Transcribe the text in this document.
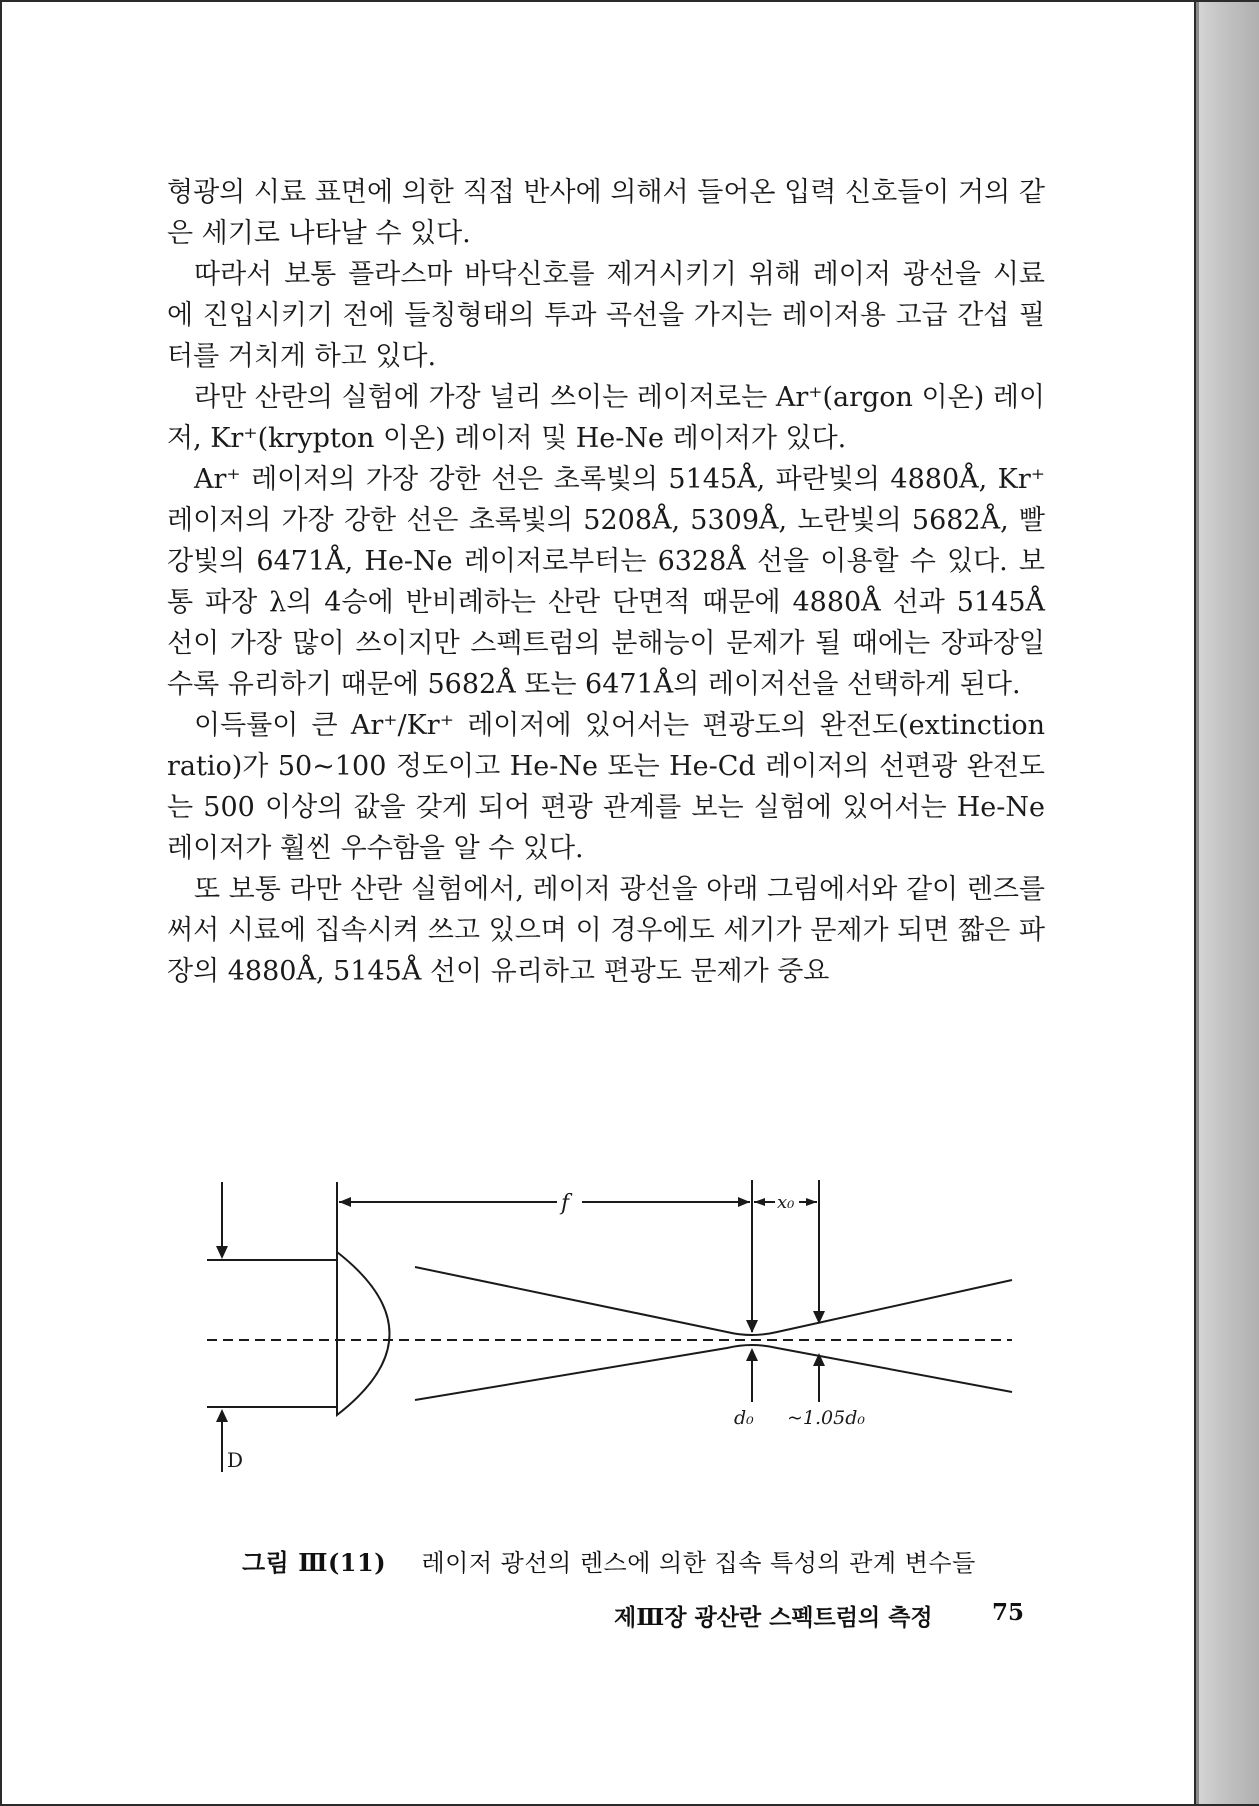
형광의 시료 표면에 의한 직접 반사에 의해서 들어온 입력 신호들이 거의 같은 세기로 나타날 수 있다.

따라서 보통 플라스마 바닥신호를 제거시키기 위해 레이저 광선을 시료에 진입시키기 전에 들칭형태의 투과 곡선을 가지는 레이저용 고급 간섭 필터를 거치게 하고 있다.

라만 산란의 실험에 가장 널리 쓰이는 레이저로는 Ar⁺(argon 이온) 레이저, Kr⁺(krypton 이온) 레이저 및 He-Ne 레이저가 있다.

Ar⁺ 레이저의 가장 강한 선은 초록빛의 5145Å, 파란빛의 4880Å, Kr⁺ 레이저의 가장 강한 선은 초록빛의 5208Å, 5309Å, 노란빛의 5682Å, 빨강빛의 6471Å, He-Ne 레이저로부터는 6328Å 선을 이용할 수 있다. 보통 파장 λ의 4승에 반비례하는 산란 단면적 때문에 4880Å 선과 5145Å 선이 가장 많이 쓰이지만 스펙트럼의 분해능이 문제가 될 때에는 장파장일수록 유리하기 때문에 5682Å 또는 6471Å의 레이저선을 선택하게 된다.

이득률이 큰 Ar⁺/Kr⁺ 레이저에 있어서는 편광도의 완전도(extinction ratio)가 50~100 정도이고 He-Ne 또는 He-Cd 레이저의 선편광 완전도는 500 이상의 값을 갖게 되어 편광 관계를 보는 실험에 있어서는 He-Ne 레이저가 훨씬 우수함을 알 수 있다.

또 보통 라만 산란 실험에서, 레이저 광선을 아래 그림에서와 같이 렌즈를 써서 시료에 집속시켜 쓰고 있으며 이 경우에도 세기가 문제가 되면 짧은 파장의 4880Å, 5145Å 선이 유리하고 편광도 문제가 중요

f	x₀
D
d₀ ~1.05d₀
그림 Ⅲ(11) 레이저 광선의 렌스에 의한 집속 특성의 관계 변수들
제Ⅲ장 광산란 스펙트럼의 측정	75
